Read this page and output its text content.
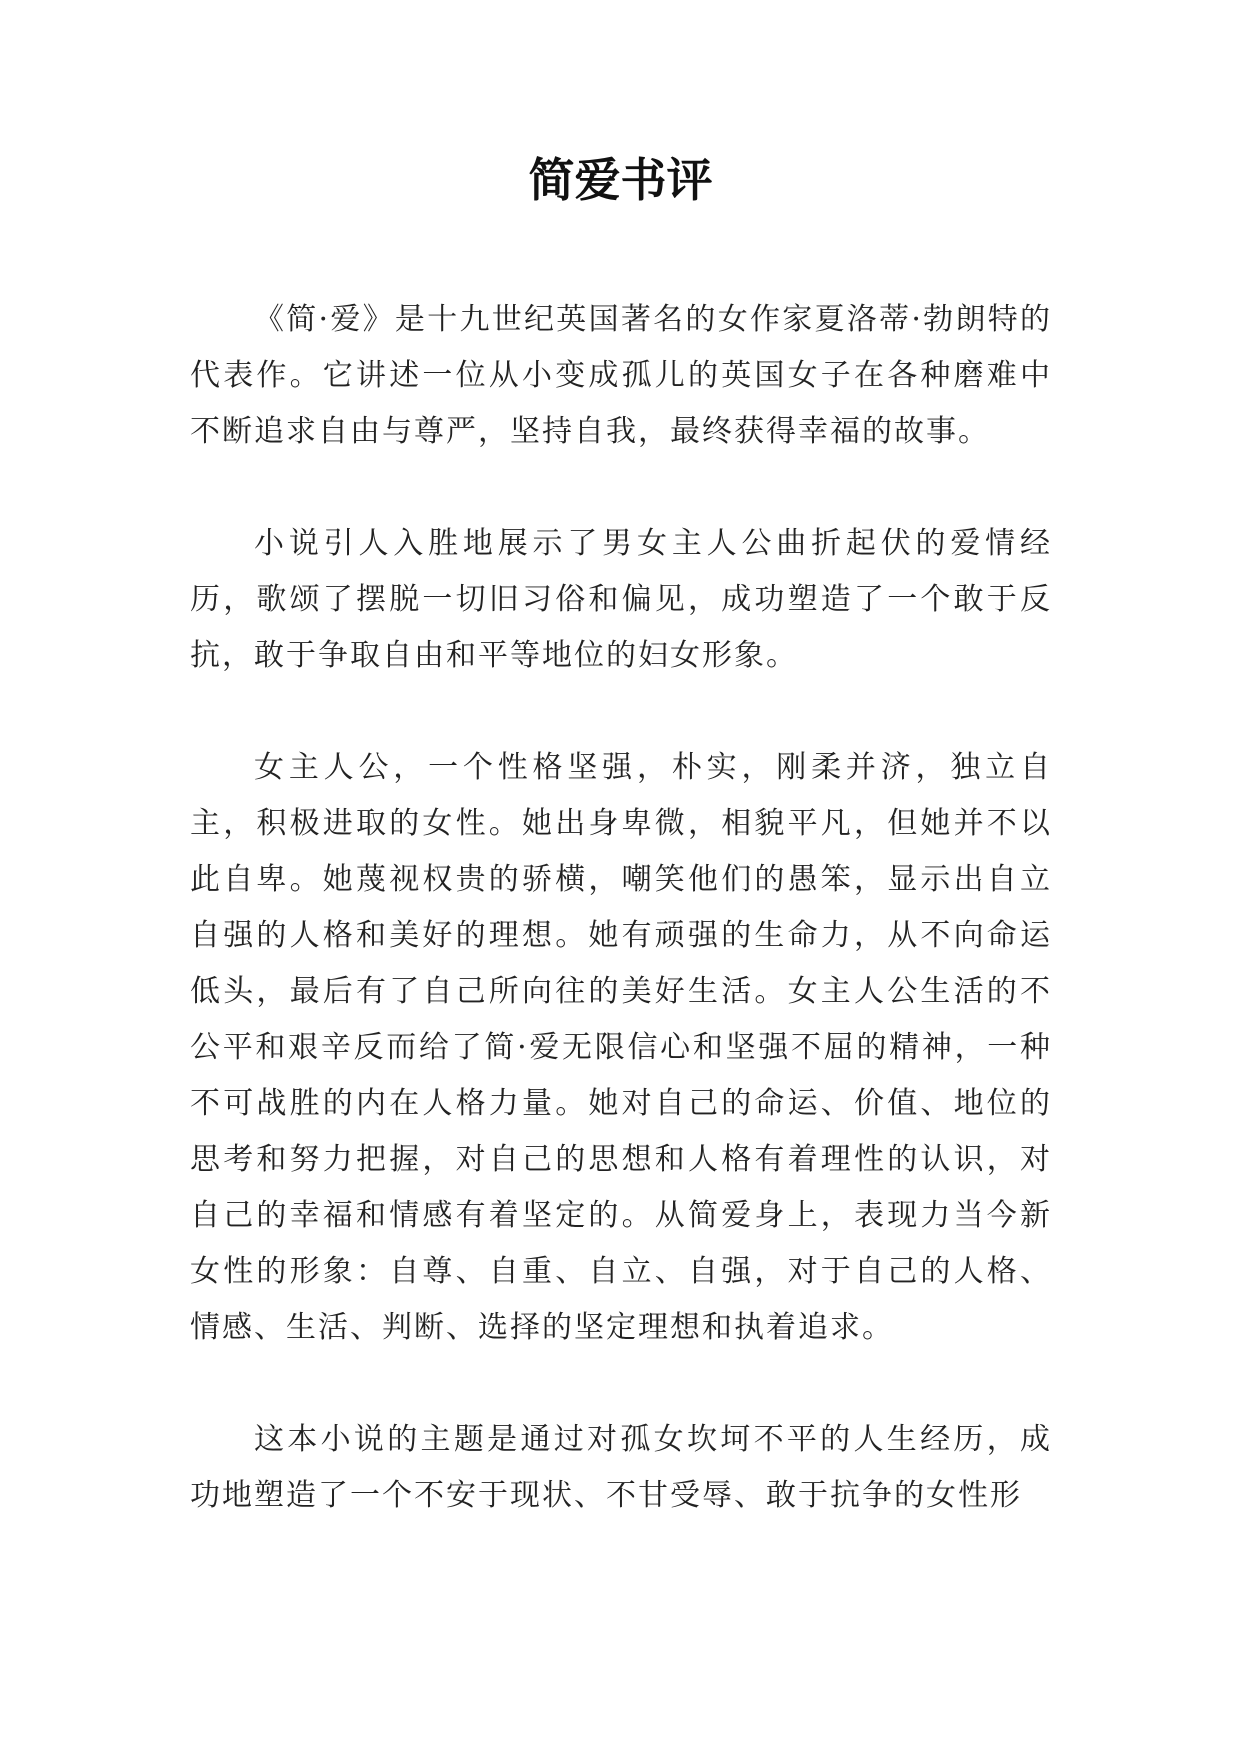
简爱书评

《简·爱》是十九世纪英国著名的女作家夏洛蒂·勃朗特的代表作。它讲述一位从小变成孤儿的英国女子在各种磨难中不断追求自由与尊严，坚持自我，最终获得幸福的故事。

小说引人入胜地展示了男女主人公曲折起伏的爱情经历，歌颂了摆脱一切旧习俗和偏见，成功塑造了一个敢于反抗，敢于争取自由和平等地位的妇女形象。

女主人公，一个性格坚强，朴实，刚柔并济，独立自主，积极进取的女性。她出身卑微，相貌平凡，但她并不以此自卑。她蔑视权贵的骄横，嘲笑他们的愚笨，显示出自立自强的人格和美好的理想。她有顽强的生命力，从不向命运低头，最后有了自己所向往的美好生活。女主人公生活的不公平和艰辛反而给了简·爱无限信心和坚强不屈的精神，一种不可战胜的内在人格力量。她对自己的命运、价值、地位的思考和努力把握，对自己的思想和人格有着理性的认识，对自己的幸福和情感有着坚定的。从简爱身上，表现力当今新女性的形象：自尊、自重、自立、自强，对于自己的人格、情感、生活、判断、选择的坚定理想和执着追求。

这本小说的主题是通过对孤女坎坷不平的人生经历，成功地塑造了一个不安于现状、不甘受辱、敢于抗争的女性形
